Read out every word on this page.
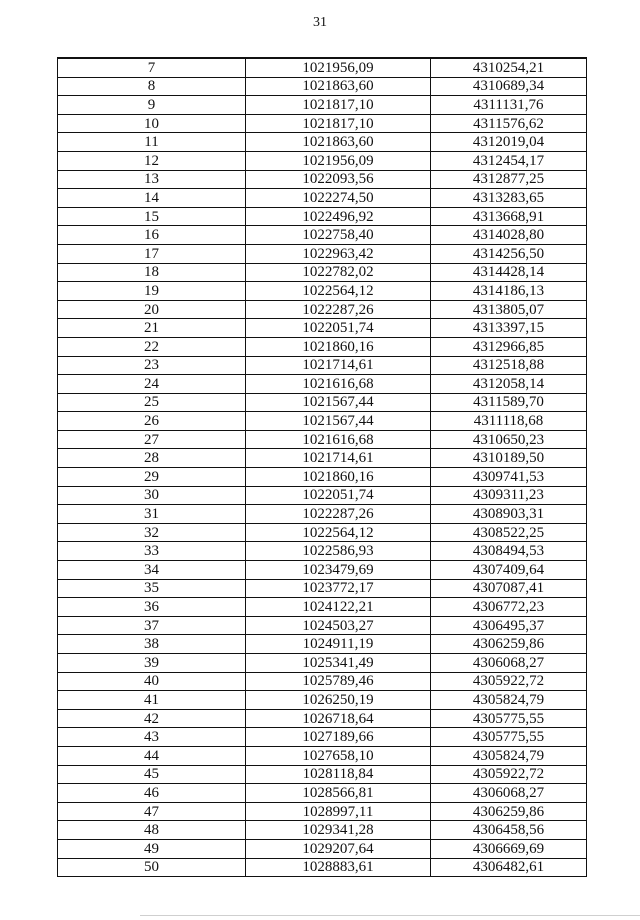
31
7	1021956,09	4310254,21
8	1021863,60	4310689,34
9	1021817,10	4311131,76
10	1021817,10	4311576,62
11	1021863,60	4312019,04
12	1021956,09	4312454,17
13	1022093,56	4312877,25
14	1022274,50	4313283,65
15	1022496,92	4313668,91
16	1022758,40	4314028,80
17	1022963,42	4314256,50
18	1022782,02	4314428,14
19	1022564,12	4314186,13
20	1022287,26	4313805,07
21	1022051,74	4313397,15
22	1021860,16	4312966,85
23	1021714,61	4312518,88
24	1021616,68	4312058,14
25	1021567,44	4311589,70
26	1021567,44	4311118,68
27	1021616,68	4310650,23
28	1021714,61	4310189,50
29	1021860,16	4309741,53
30	1022051,74	4309311,23
31	1022287,26	4308903,31
32	1022564,12	4308522,25
33	1022586,93	4308494,53
34	1023479,69	4307409,64
35	1023772,17	4307087,41
36	1024122,21	4306772,23
37	1024503,27	4306495,37
38	1024911,19	4306259,86
39	1025341,49	4306068,27
40	1025789,46	4305922,72
41	1026250,19	4305824,79
42	1026718,64	4305775,55
43	1027189,66	4305775,55
44	1027658,10	4305824,79
45	1028118,84	4305922,72
46	1028566,81	4306068,27
47	1028997,11	4306259,86
48	1029341,28	4306458,56
49	1029207,64	4306669,69
50	1028883,61	4306482,61
